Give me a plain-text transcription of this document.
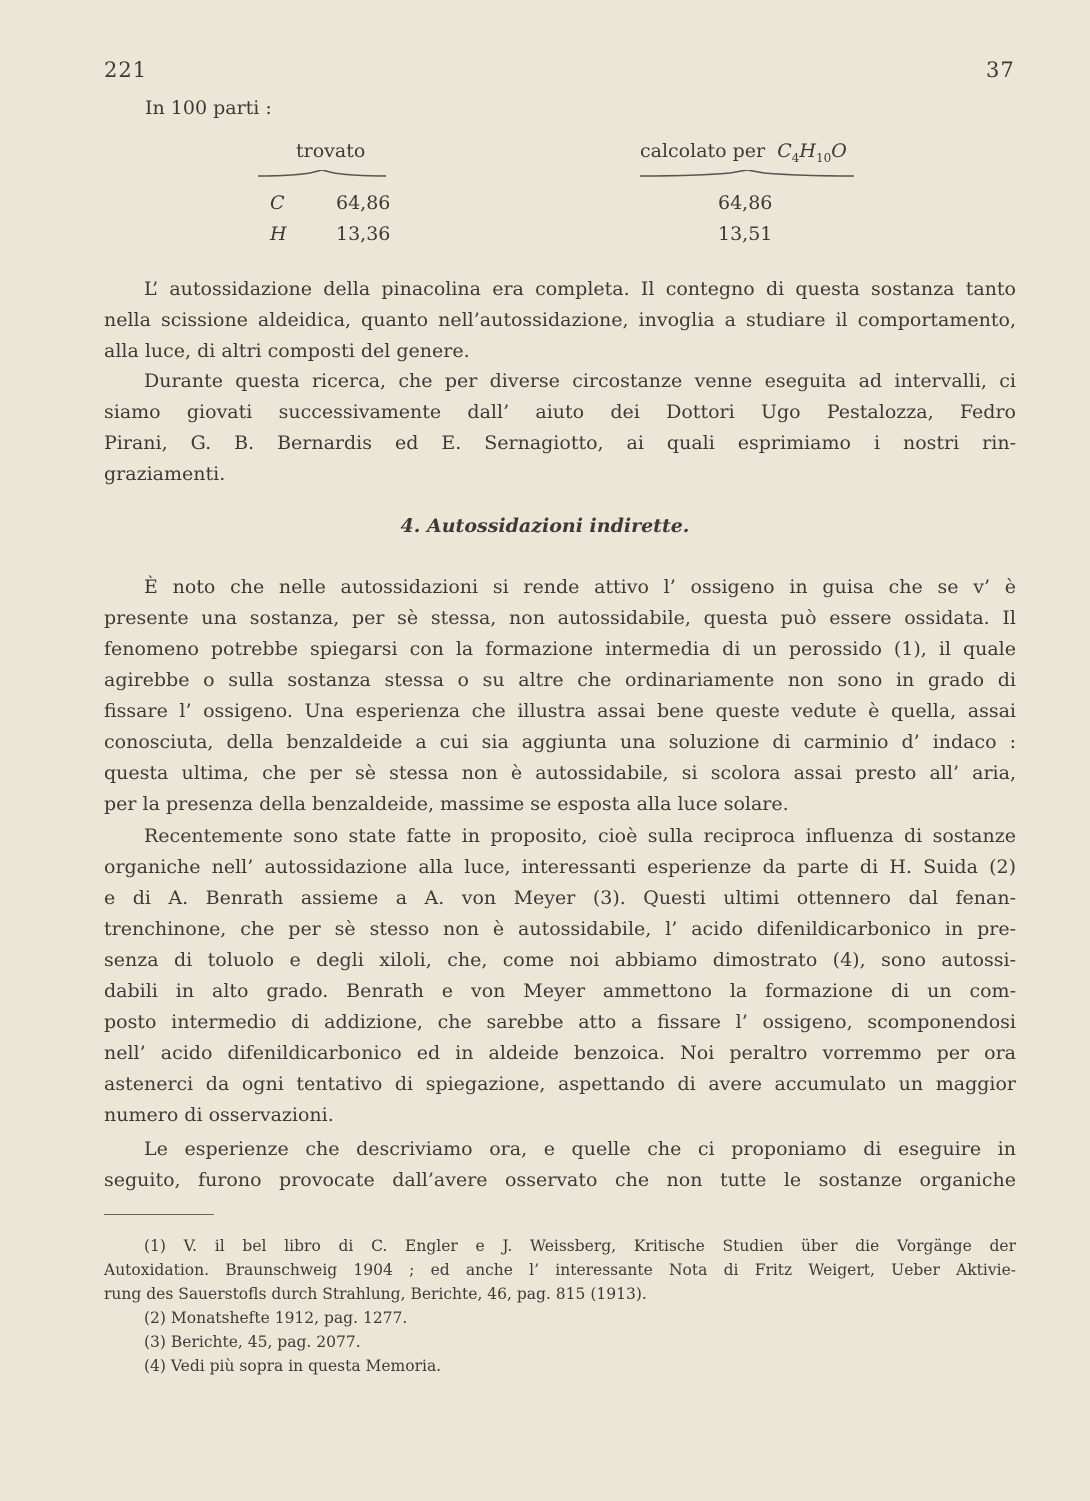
221	37
In 100 parti :
trovato	calcolato per $C_4H_{10}O$
C	64,86	64,86
H	13,36	13,51
L’ autossidazione della pinacolina era completa. Il contegno di questa sostanza tanto
nella scissione aldeidica, quanto nell’autossidazione, invoglia a studiare il comportamento,
alla luce, di altri composti del genere.
Durante questa ricerca, che per diverse circostanze venne eseguita ad intervalli, ci
siamo giovati successivamente dall’ aiuto dei Dottori Ugo Pestalozza, Fedro
Pirani, G. B. Bernardis ed E. Sernagiotto, ai quali esprimiamo i nostri rin-
graziamenti.
4. Autossidazioni indirette.
È noto che nelle autossidazioni si rende attivo l’ ossigeno in guisa che se v’ è
presente una sostanza, per sè stessa, non autossidabile, questa può essere ossidata. Il
fenomeno potrebbe spiegarsi con la formazione intermedia di un perossido (1), il quale
agirebbe o sulla sostanza stessa o su altre che ordinariamente non sono in grado di
fissare l’ ossigeno. Una esperienza che illustra assai bene queste vedute è quella, assai
conosciuta, della benzaldeide a cui sia aggiunta una soluzione di carminio d’ indaco :
questa ultima, che per sè stessa non è autossidabile, si scolora assai presto all’ aria,
per la presenza della benzaldeide, massime se esposta alla luce solare.
Recentemente sono state fatte in proposito, cioè sulla reciproca influenza di sostanze
organiche nell’ autossidazione alla luce, interessanti esperienze da parte di H. Suida (2)
e di A. Benrath assieme a A. von Meyer (3). Questi ultimi ottennero dal fenan-
trenchinone, che per sè stesso non è autossidabile, l’ acido difenildicarbonico in pre-
senza di toluolo e degli xiloli, che, come noi abbiamo dimostrato (4), sono autossi-
dabili in alto grado. Benrath e von Meyer ammettono la formazione di un com-
posto intermedio di addizione, che sarebbe atto a fissare l’ ossigeno, scomponendosi
nell’ acido difenildicarbonico ed in aldeide benzoica. Noi peraltro vorremmo per ora
astenerci da ogni tentativo di spiegazione, aspettando di avere accumulato un maggior
numero di osservazioni.
Le esperienze che descriviamo ora, e quelle che ci proponiamo di eseguire in
seguito, furono provocate dall’avere osservato che non tutte le sostanze organiche

(1) V. il bel libro di C. Engler e J. Weissberg, Kritische Studien über die Vorgänge der

Autoxidation. Braunschweig 1904 ; ed anche l’ interessante Nota di Fritz Weigert, Ueber Aktivie-

rung des Sauerstofls durch Strahlung, Berichte, 46, pag. 815 (1913).

(2) Monatshefte 1912, pag. 1277.

(3) Berichte, 45, pag. 2077.

(4) Vedi più sopra in questa Memoria.
